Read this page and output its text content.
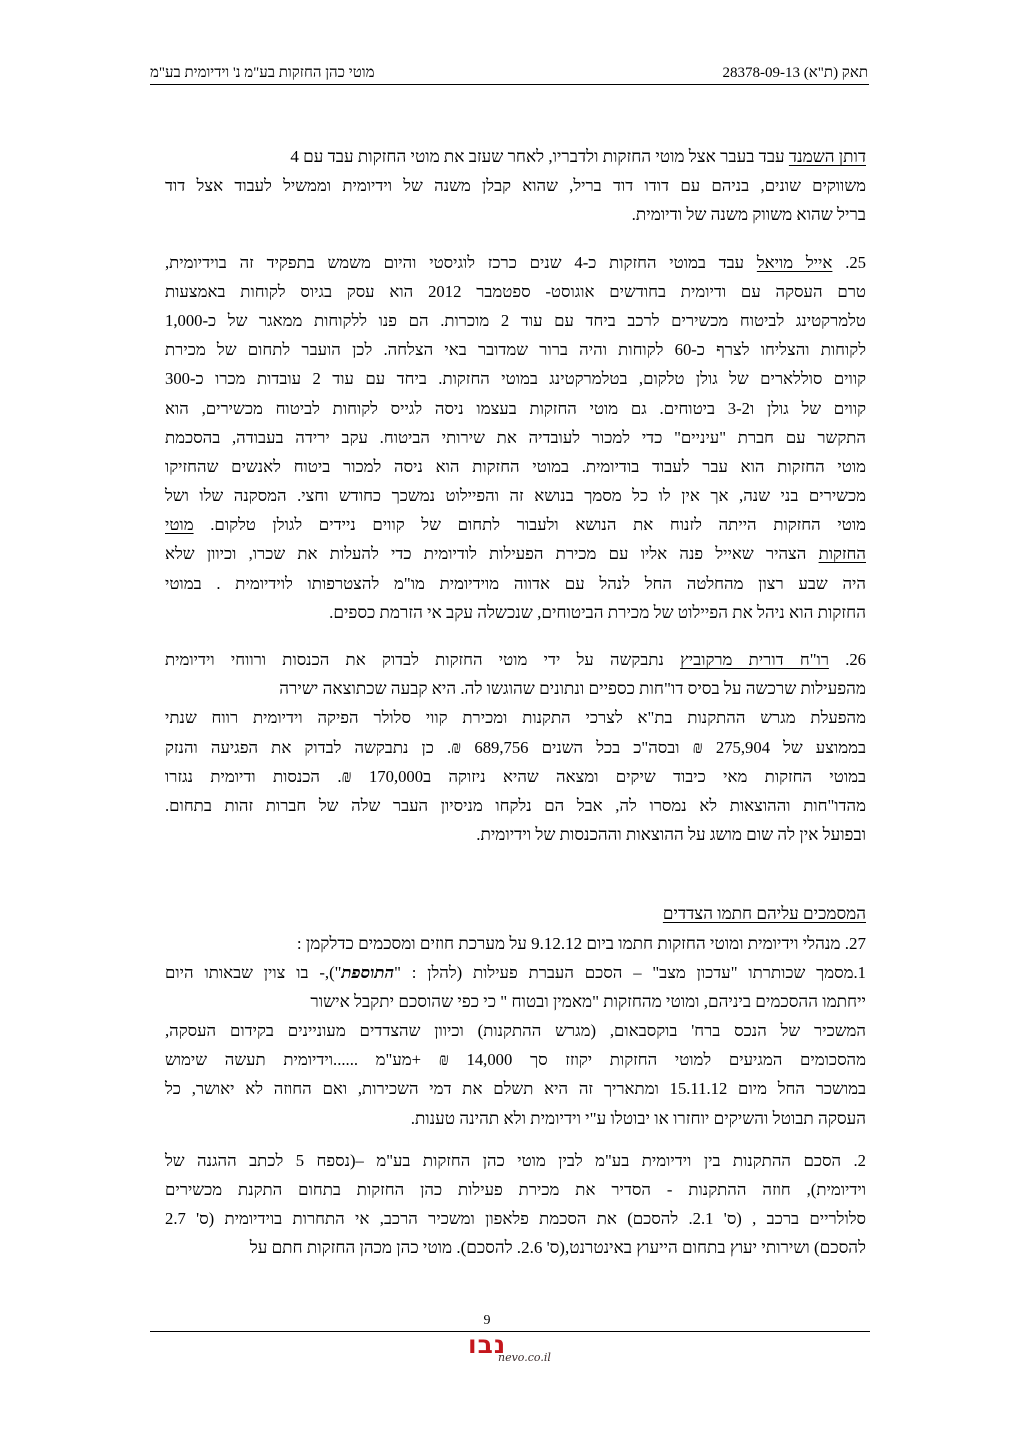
תאק (ת"א) 28378-09-13
מוטי כהן החזקות בע"מ נ' וידיומית בע"מ
דותן השמנד עבד בעבר אצל מוטי החזקות ולדבריו, לאחר שעזב את מוטי החזקות עבד עם 4
משווקים שונים, בניהם עם דודו דוד בריל, שהוא קבלן משנה של וידיומית וממשיל לעבוד אצל דוד
בריל שהוא משווק משנה של ודיומית.
25. אייל מויאל עבד במוטי החזקות כ-4 שנים כרכז לוגיסטי והיום משמש בתפקיד זה בוידיומית,
טרם העסקה עם ודיומית בחודשים אוגוסט- ספטמבר 2012 הוא עסק בגיוס לקוחות באמצעות
טלמרקטינג לביטוח מכשירים לרכב ביחד עם עוד 2 מוכרות. הם פנו ללקוחות ממאגר של כ-1,000
לקוחות והצליחו לצרף כ-60 לקוחות והיה ברור שמדובר באי הצלחה. לכן הועבר לתחום של מכירת
קווים סוללארים של גולן טלקום, בטלמרקטינג במוטי החזקות. ביחד עם עוד 2 עובדות מכרו כ-300
קווים של גולן ו3-2 ביטוחים. גם מוטי החזקות בעצמו ניסה לגייס לקוחות לביטוח מכשירים, הוא
התקשר עם חברת "עיניים" כדי למכור לעובדיה את שירותי הביטוח. עקב ירידה בעבודה, בהסכמת
מוטי החזקות הוא עבר לעבוד בודיומית. במוטי החזקות הוא ניסה למכור ביטוח לאנשים שהחזיקו
מכשירים בני שנה, אך אין לו כל מסמך בנושא זה והפיילוט נמשכך כחודש וחצי. המסקנה שלו ושל
מוטי החזקות הייתה לזנוח את הנושא ולעבור לתחום של קווים ניידים לגולן טלקום. מוטי
החזקות הצהיר שאייל פנה אליו עם מכירת הפעילות לודיומית כדי להעלות את שכרו, וכיוון שלא
היה שבע רצון מהחלטה החל לנהל עם אדווה מוידיומית מו"מ להצטרפותו לוידיומית . במוטי
החזקות הוא ניהל את הפיילוט של מכירת הביטוחים, שנכשלה עקב אי הזרמת כספים.
26. רו"ח דורית מרקוביץ נתבקשה על ידי מוטי החזקות לבדוק את הכנסות ורווחי וידיומית
מהפעילות שרכשה על בסיס דו"חות כספיים ונתונים שהוגשו לה. היא קבעה שכתוצאה ישירה
מהפעלת מגרש ההתקנות בת"א לצרכי התקנות ומכירת קווי סלולר הפיקה וידיומית רווח שנתי
בממוצע של 275,904 ₪ ובסה"כ בכל השנים 689,756 ₪. כן נתבקשה לבדוק את הפגיעה והנזק
במוטי החזקות מאי כיבוד שיקים ומצאה שהיא ניזוקה ב170,000 ₪. הכנסות ודיומית נגזרו
מהדו"חות וההוצאות לא נמסרו לה, אבל הם נלקחו מניסיון העבר שלה של חברות זהות בתחום.
ובפועל אין לה שום מושג על ההוצאות וההכנסות של וידיומית.
המסמכים עליהם חתמו הצדדים
27. מנהלי וידיומית ומוטי החזקות חתמו ביום 9.12.12 על מערכת חוזים ומסכמים כדלקמן :
1.מסמך שכותרתו "עדכון מצב" – הסכם העברת פעילות (להלן : "התוספת"),- בו צוין שבאותו היום
ייחתמו ההסכמים ביניהם, ומוטי מהחזקות "מאמין ובטוח " כי כפי שהוסכם יתקבל אישור
המשכיר של הנכס ברח' בוקסבאום, (מגרש ההתקנות) וכיוון שהצדדים מעוניינים בקידום העסקה,
מהסכומים המגיעים למוטי החזקות יקוזז סך 14,000 ₪ +מע"מ ......וידיומית תעשה שימוש
במושכר החל מיום 15.11.12 ומתאריך זה היא תשלם את דמי השכירות, ואם החוזה לא יאושר, כל
העסקה תבוטל והשיקים יוחזרו או יבוטלו ע"י וידיומית ולא תהינה טענות.
2. הסכם ההתקנות בין וידיומית בע"מ לבין מוטי כהן החזקות בע"מ –(נספח 5 לכתב ההגנה של
וידיומית), חוזה ההתקנות - הסדיר את מכירת פעילות כהן החזקות בתחום התקנת מכשירים
סלולריים ברכב , (ס' 2.1. להסכם) את הסכמת פלאפון ומשכיר הרכב, אי התחרות בוידיומית (ס' 2.7
להסכם) ושירותי יעוץ בתחום הייעוץ באינטרנט,(ס' 2.6. להסכם). מוטי כהן מכהן החזקות חתם על
9
נבו
nevo.co.il
